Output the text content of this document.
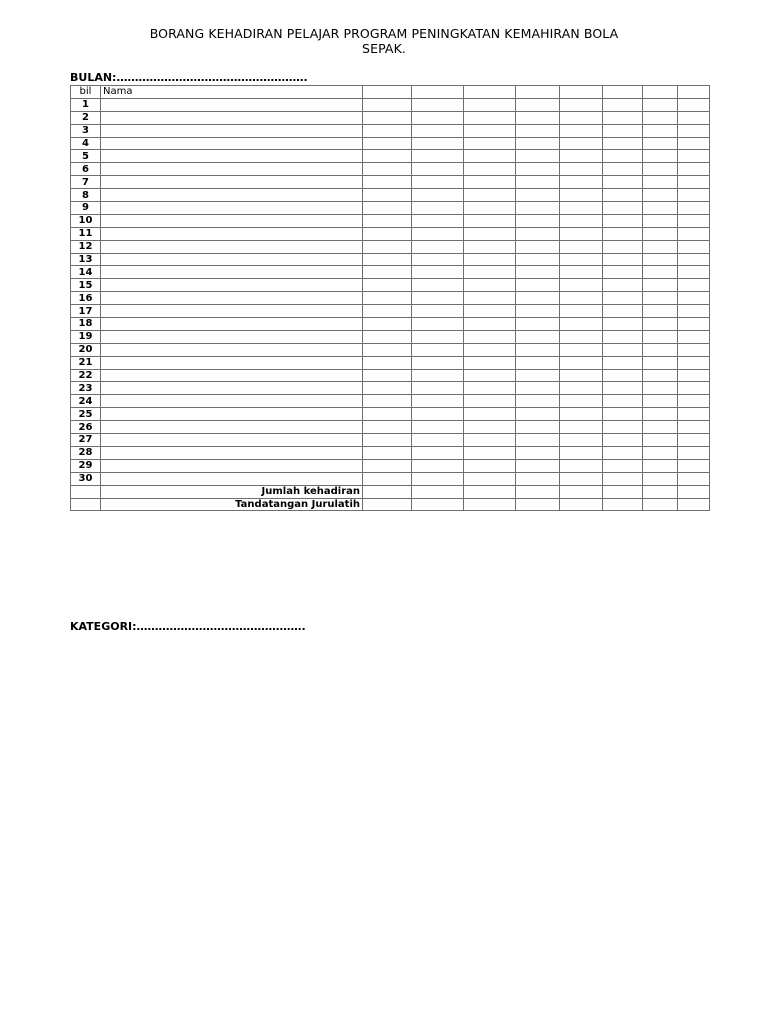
BORANG KEHADIRAN PELAJAR PROGRAM PENINGKATAN KEMAHIRAN BOLA
SEPAK.
BULAN:…………………………………………….
bil	Nama								
1									
2									
3									
4									
5									
6									
7									
8									
9									
10									
11									
12									
13									
14									
15									
16									
17									
18									
19									
20									
21									
22									
23									
24									
25									
26									
27									
28									
29									
30									
	Jumlah kehadiran								
	Tandatangan Jurulatih								
KATEGORI:……………………………………….
